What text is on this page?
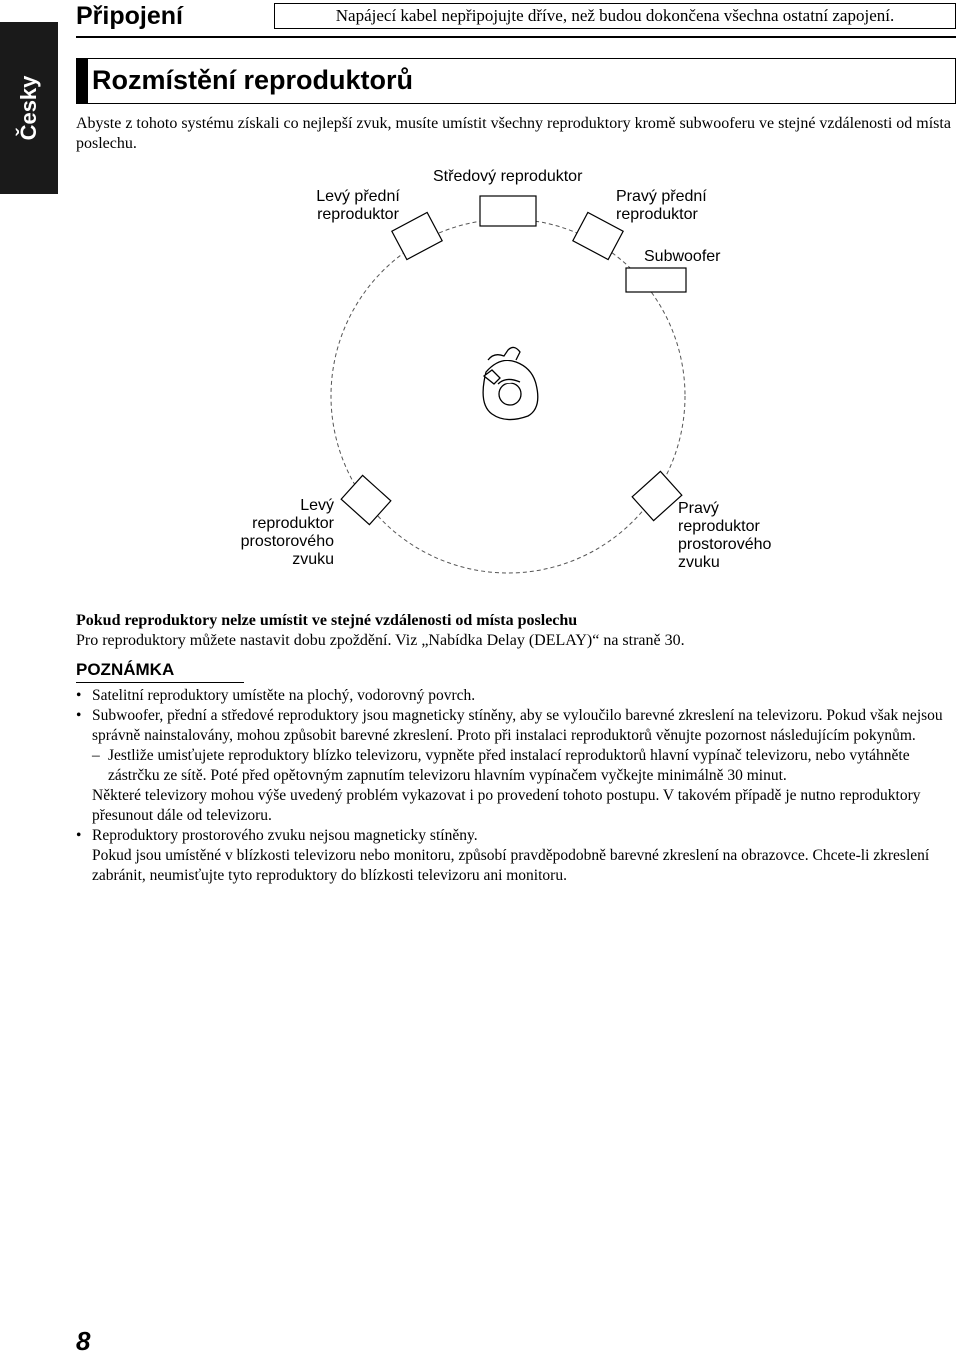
Česky
Připojení	Napájecí kabel nepřipojujte dříve, než budou dokončena všechna ostatní zapojení.
Rozmístění reproduktorů
Abyste z tohoto systému získali co nejlepší zvuk, musíte umístit všechny reproduktory kromě subwooferu ve stejné vzdálenosti od místa poslechu.
Levý přední
reproduktor
Středový reproduktor
Pravý přední
reproduktor
Subwoofer
Levý
reproduktor
prostorového
zvuku
Pravý
reproduktor
prostorového
zvuku
Pokud reproduktory nelze umístit ve stejné vzdálenosti od místa poslechu
Pro reproduktory můžete nastavit dobu zpoždění. Viz „Nabídka Delay (DELAY)“ na straně 30.
POZNÁMKA
• Satelitní reproduktory umístěte na plochý, vodorovný povrch.
• Subwoofer, přední a středové reproduktory jsou magneticky stíněny, aby se vyloučilo barevné zkreslení na televizoru. Pokud však nejsou správně nainstalovány, mohou způsobit barevné zkreslení. Proto při instalaci reproduktorů věnujte pozornost následujícím pokynům.
– Jestliže umisťujete reproduktory blízko televizoru, vypněte před instalací reproduktorů hlavní vypínač televizoru, nebo vytáhněte zástrčku ze sítě. Poté před opětovným zapnutím televizoru hlavním vypínačem vyčkejte minimálně 30 minut.
Některé televizory mohou výše uvedený problém vykazovat i po provedení tohoto postupu. V takovém případě je nutno reproduktory přesunout dále od televizoru.
• Reproduktory prostorového zvuku nejsou magneticky stíněny.
Pokud jsou umístěné v blízkosti televizoru nebo monitoru, způsobí pravděpodobně barevné zkreslení na obrazovce. Chcete-li zkreslení zabránit, neumisťujte tyto reproduktory do blízkosti televizoru ani monitoru.
8
